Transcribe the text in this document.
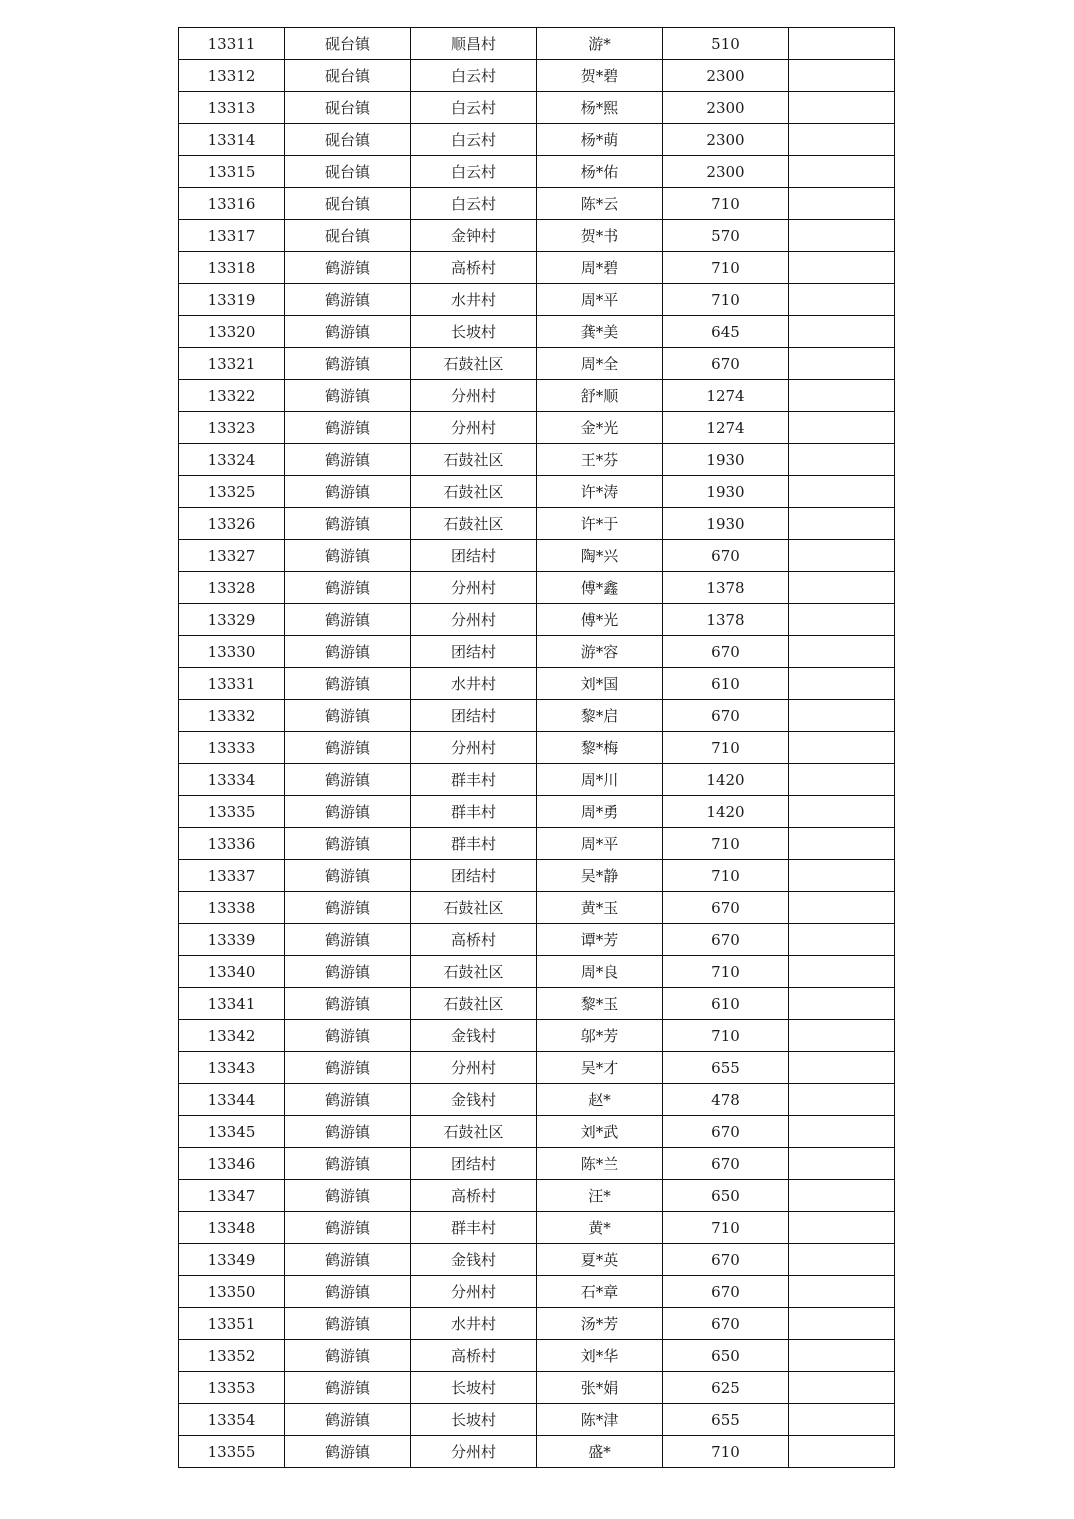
13311	砚台镇	顺昌村	游*	510	
13312	砚台镇	白云村	贺*碧	2300	
13313	砚台镇	白云村	杨*熙	2300	
13314	砚台镇	白云村	杨*萌	2300	
13315	砚台镇	白云村	杨*佑	2300	
13316	砚台镇	白云村	陈*云	710	
13317	砚台镇	金钟村	贺*书	570	
13318	鹤游镇	高桥村	周*碧	710	
13319	鹤游镇	水井村	周*平	710	
13320	鹤游镇	长坡村	龚*美	645	
13321	鹤游镇	石鼓社区	周*全	670	
13322	鹤游镇	分州村	舒*顺	1274	
13323	鹤游镇	分州村	金*光	1274	
13324	鹤游镇	石鼓社区	王*芬	1930	
13325	鹤游镇	石鼓社区	许*涛	1930	
13326	鹤游镇	石鼓社区	许*于	1930	
13327	鹤游镇	团结村	陶*兴	670	
13328	鹤游镇	分州村	傅*鑫	1378	
13329	鹤游镇	分州村	傅*光	1378	
13330	鹤游镇	团结村	游*容	670	
13331	鹤游镇	水井村	刘*国	610	
13332	鹤游镇	团结村	黎*启	670	
13333	鹤游镇	分州村	黎*梅	710	
13334	鹤游镇	群丰村	周*川	1420	
13335	鹤游镇	群丰村	周*勇	1420	
13336	鹤游镇	群丰村	周*平	710	
13337	鹤游镇	团结村	吴*静	710	
13338	鹤游镇	石鼓社区	黄*玉	670	
13339	鹤游镇	高桥村	谭*芳	670	
13340	鹤游镇	石鼓社区	周*良	710	
13341	鹤游镇	石鼓社区	黎*玉	610	
13342	鹤游镇	金钱村	邬*芳	710	
13343	鹤游镇	分州村	吴*才	655	
13344	鹤游镇	金钱村	赵*	478	
13345	鹤游镇	石鼓社区	刘*武	670	
13346	鹤游镇	团结村	陈*兰	670	
13347	鹤游镇	高桥村	汪*	650	
13348	鹤游镇	群丰村	黄*	710	
13349	鹤游镇	金钱村	夏*英	670	
13350	鹤游镇	分州村	石*章	670	
13351	鹤游镇	水井村	汤*芳	670	
13352	鹤游镇	高桥村	刘*华	650	
13353	鹤游镇	长坡村	张*娟	625	
13354	鹤游镇	长坡村	陈*津	655	
13355	鹤游镇	分州村	盛*	710	
